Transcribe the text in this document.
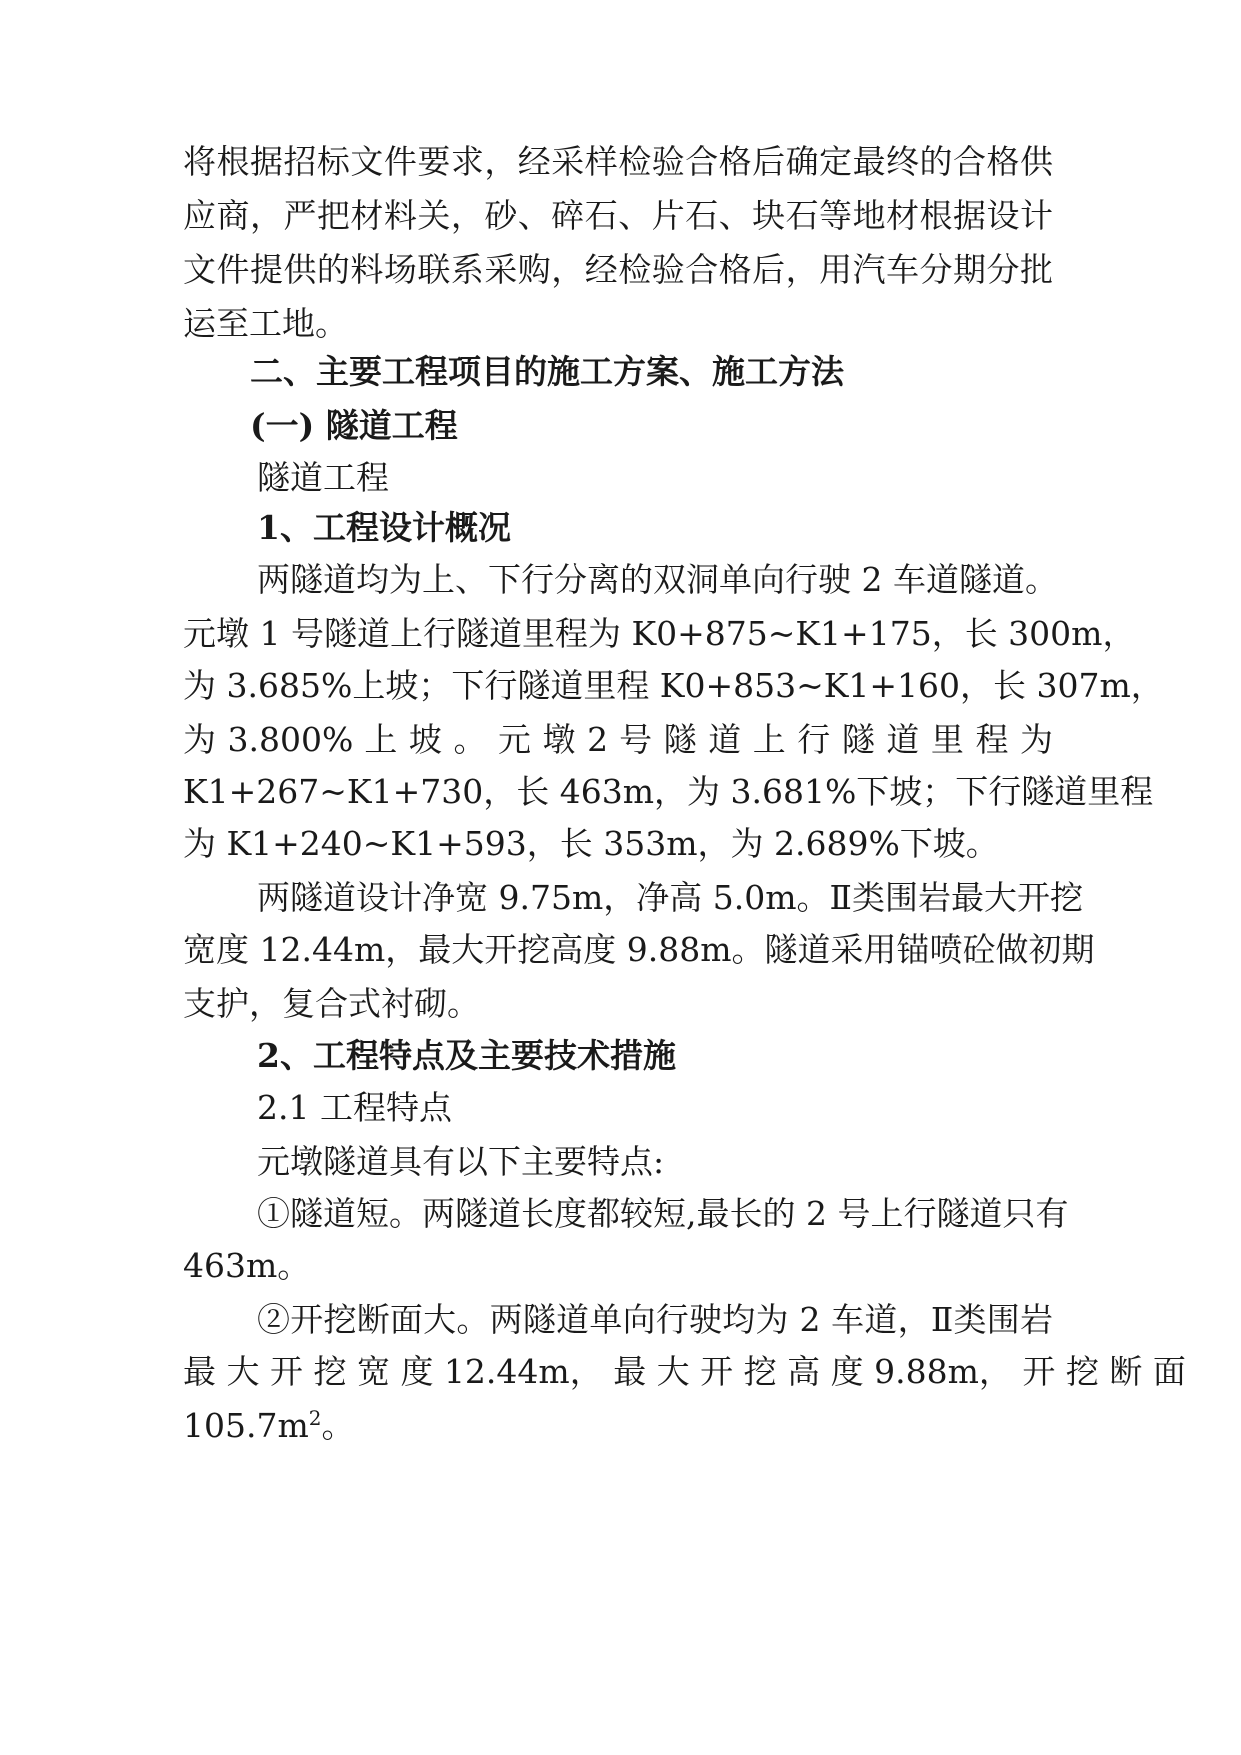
将根据招标文件要求，经采样检验合格后确定最终的合格供

应商，严把材料关，砂、碎石、片石、块石等地材根据设计

文件提供的料场联系采购，经检验合格后，用汽车分期分批

运至工地。

二、主要工程项目的施工方案、施工方法

(一) 隧道工程

隧道工程

1、工程设计概况

两隧道均为上、下行分离的双洞单向行驶 2 车道隧道。

元墩 1 号隧道上行隧道里程为 K0+875~K1+175，长 300m，

为 3.685%上坡；下行隧道里程 K0+853~K1+160，长 307m，

为 3.800% 上 坡 。 元 墩 2 号 隧 道 上 行 隧 道 里 程 为

K1+267~K1+730，长 463m，为 3.681%下坡；下行隧道里程

为 K1+240~K1+593，长 353m，为 2.689%下坡。

两隧道设计净宽 9.75m，净高 5.0m。Ⅱ类围岩最大开挖

宽度 12.44m，最大开挖高度 9.88m。隧道采用锚喷砼做初期

支护，复合式衬砌。

2、工程特点及主要技术措施

2.1 工程特点

元墩隧道具有以下主要特点:

①隧道短。两隧道长度都较短,最长的 2 号上行隧道只有

463m。

②开挖断面大。两隧道单向行驶均为 2 车道，Ⅱ类围岩

最 大 开 挖 宽 度 12.44m， 最 大 开 挖 高 度 9.88m， 开 挖 断 面

$105.7m^2$。
